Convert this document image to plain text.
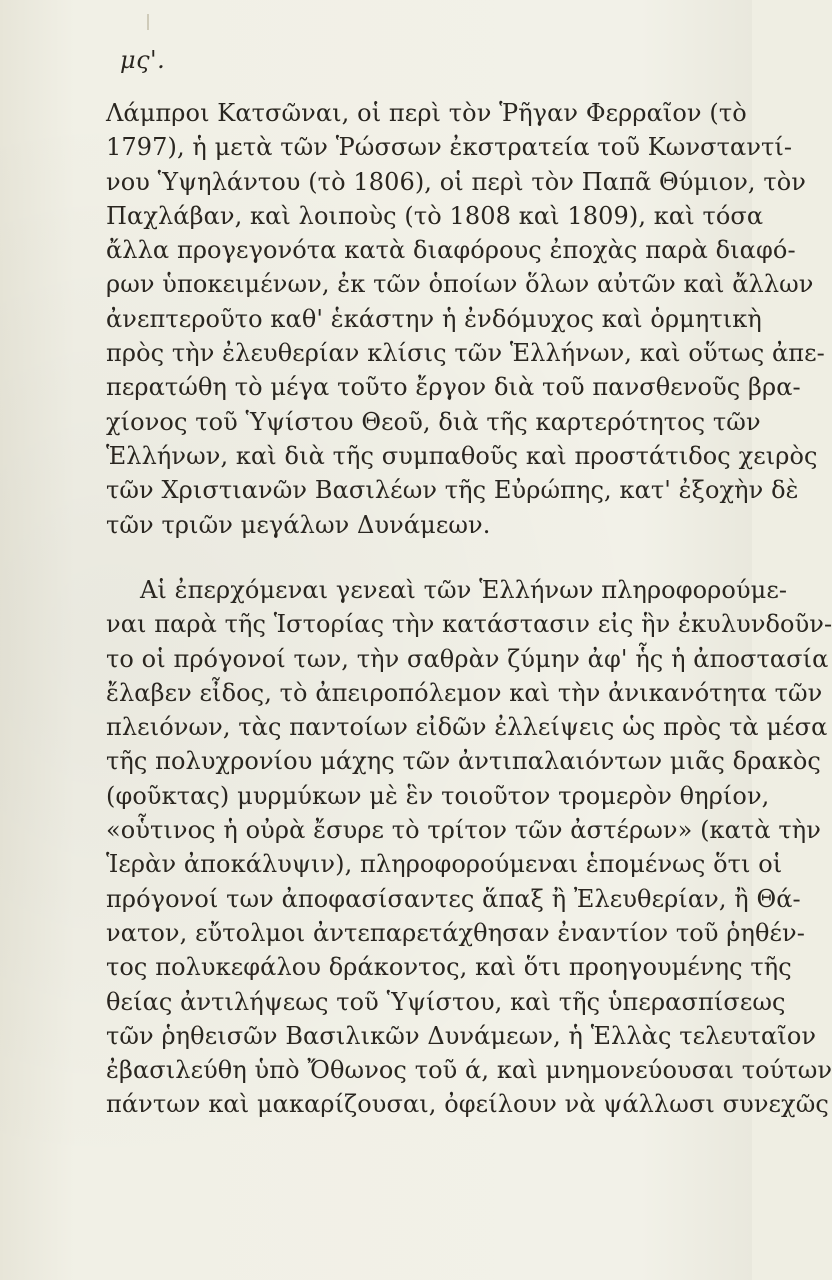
μς'.
Λάμπροι Κατσῶναι, οἱ περὶ τὸν Ῥῆγαν Φερραῖον (τὸ
1797), ἡ μετὰ τῶν Ῥώσσων ἐκστρατεία τοῦ Κωνσταντί-
νου Ὑψηλάντου (τὸ 1806), οἱ περὶ τὸν Παπᾶ Θύμιον, τὸν
Παχλάβαν, καὶ λοιποὺς (τὸ 1808 καὶ 1809), καὶ τόσα
ἄλλα προγεγονότα κατὰ διαφόρους ἐποχὰς παρὰ διαφό-
ρων ὑποκειμένων, ἐκ τῶν ὁποίων ὅλων αὐτῶν καὶ ἄλλων
ἀνεπτεροῦτο καθ' ἑκάστην ἡ ἐνδόμυχος καὶ ὁρμητικὴ
πρὸς τὴν ἐλευθερίαν κλίσις τῶν Ἑλλήνων, καὶ οὕτως ἀπε-
περατώθη τὸ μέγα τοῦτο ἔργον διὰ τοῦ πανσθενοῦς βρα-
χίονος τοῦ Ὑψίστου Θεοῦ, διὰ τῆς καρτερότητος τῶν
Ἑλλήνων, καὶ διὰ τῆς συμπαθοῦς καὶ προστάτιδος χειρὸς
τῶν Χριστιανῶν Βασιλέων τῆς Εὐρώπης, κατ' ἐξοχὴν δὲ
τῶν τριῶν μεγάλων Δυνάμεων.
Αἱ ἐπερχόμεναι γενεαὶ τῶν Ἑλλήνων πληροφορούμε-
ναι παρὰ τῆς Ἱστορίας τὴν κατάστασιν εἰς ἣν ἐκυλυνδοῦν-
το οἱ πρόγονοί των, τὴν σαθρὰν ζύμην ἀφ' ἧς ἡ ἀποστασία
ἔλαβεν εἶδος, τὸ ἀπειροπόλεμον καὶ τὴν ἀνικανότητα τῶν
πλειόνων, τὰς παντοίων εἰδῶν ἐλλείψεις ὡς πρὸς τὰ μέσα
τῆς πολυχρονίου μάχης τῶν ἀντιπαλαιόντων μιᾶς δρακὸς
(φοῦκτας) μυρμύκων μὲ ἓν τοιοῦτον τρομερὸν θηρίον,
«οὗτινος ἡ οὐρὰ ἔσυρε τὸ τρίτον τῶν ἀστέρων» (κατὰ τὴν
Ἱερὰν ἀποκάλυψιν), πληροφορούμεναι ἑπομένως ὅτι οἱ
πρόγονοί των ἀποφασίσαντες ἅπαξ ἢ Ἐλευθερίαν, ἢ Θά-
νατον, εὔτολμοι ἀντεπαρετάχθησαν ἐναντίον τοῦ ῥηθέν-
τος πολυκεφάλου δράκοντος, καὶ ὅτι προηγουμένης τῆς
θείας ἀντιλήψεως τοῦ Ὑψίστου, καὶ τῆς ὑπερασπίσεως
τῶν ῥηθεισῶν Βασιλικῶν Δυνάμεων, ἡ Ἑλλὰς τελευταῖον
ἐβασιλεύθη ὑπὸ Ὄθωνος τοῦ ά, καὶ μνημονεύουσαι τούτων
πάντων καὶ μακαρίζουσαι, ὀφείλουν νὰ ψάλλωσι συνεχῶς
